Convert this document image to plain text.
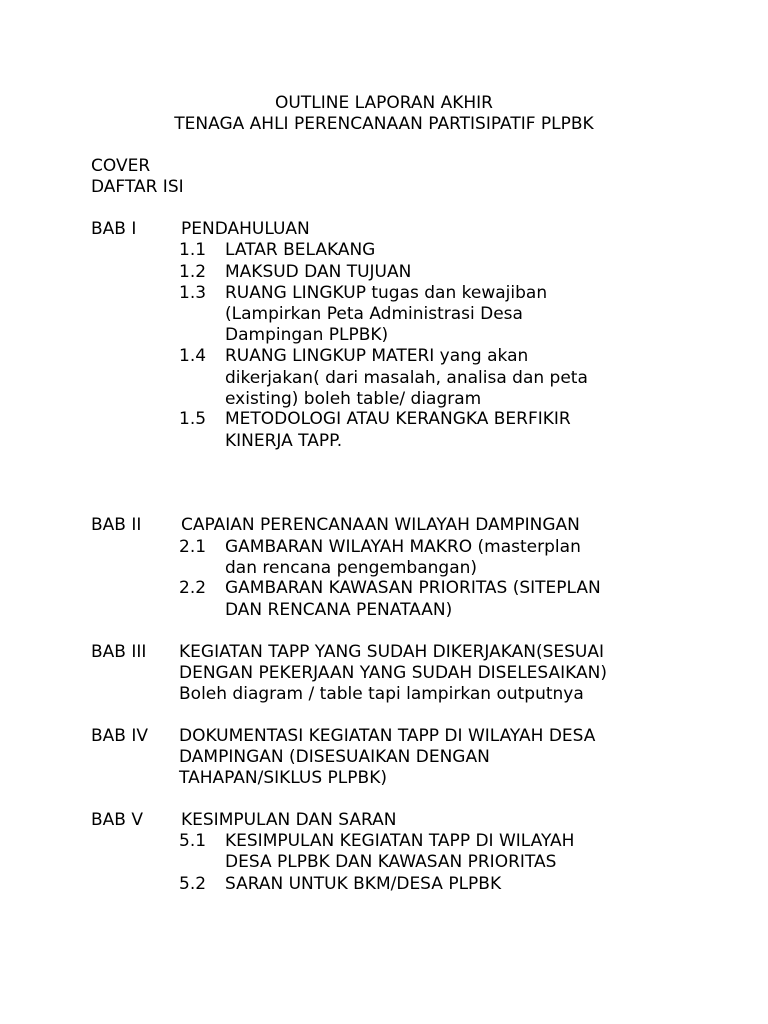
OUTLINE LAPORAN AKHIR
TENAGA AHLI PERENCANAAN PARTISIPATIF PLPBK
COVER
DAFTAR ISI
BAB I	PENDAHULUAN
1.1 LATAR BELAKANG
1.2 MAKSUD DAN TUJUAN
1.3 RUANG LINGKUP tugas dan kewajiban
(Lampirkan Peta Administrasi Desa
Dampingan PLPBK)
1.4 RUANG LINGKUP MATERI yang akan
dikerjakan( dari masalah, analisa dan peta
existing) boleh table/ diagram
1.5 METODOLOGI ATAU KERANGKA BERFIKIR
KINERJA TAPP.
BAB II CAPAIAN PERENCANAAN WILAYAH DAMPINGAN
2.1 GAMBARAN WILAYAH MAKRO (masterplan
dan rencana pengembangan)
2.2 GAMBARAN KAWASAN PRIORITAS (SITEPLAN
DAN RENCANA PENATAAN)
BAB III KEGIATAN TAPP YANG SUDAH DIKERJAKAN(SESUAI
DENGAN PEKERJAAN YANG SUDAH DISELESAIKAN)
Boleh diagram / table tapi lampirkan outputnya
BAB IV DOKUMENTASI KEGIATAN TAPP DI WILAYAH DESA
DAMPINGAN (DISESUAIKAN DENGAN
TAHAPAN/SIKLUS PLPBK)
BAB V KESIMPULAN DAN SARAN
5.1 KESIMPULAN KEGIATAN TAPP DI WILAYAH
DESA PLPBK DAN KAWASAN PRIORITAS
5.2 SARAN UNTUK BKM/DESA PLPBK
